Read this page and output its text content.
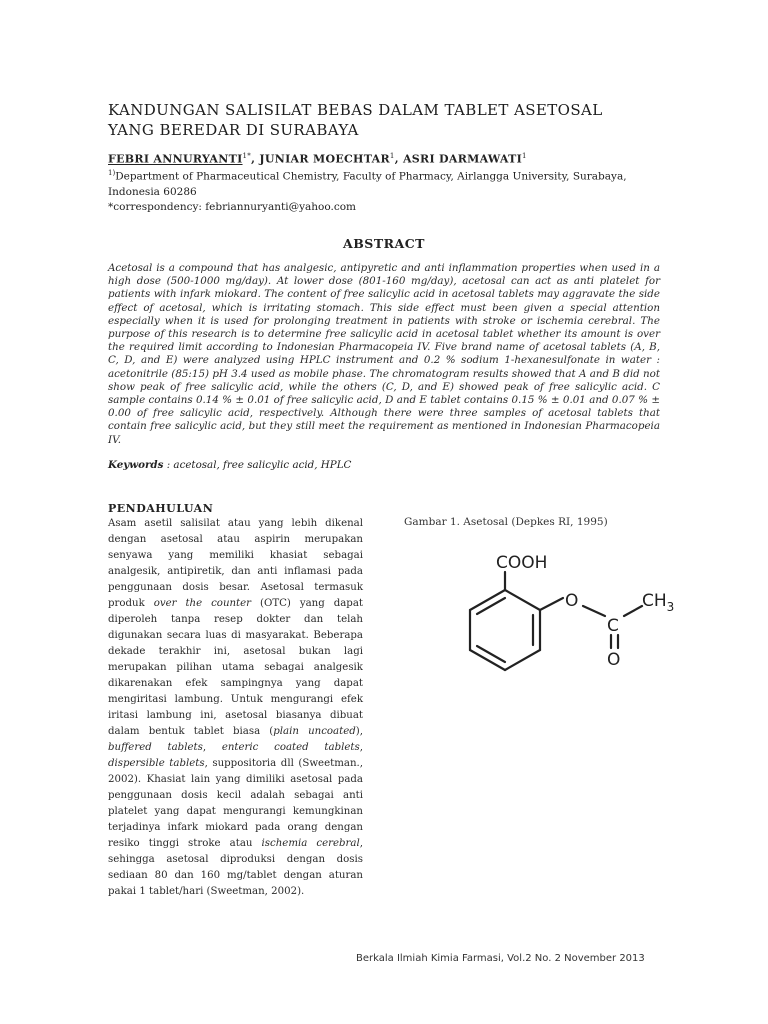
KANDUNGAN SALISILAT BEBAS DALAM TABLET ASETOSAL
YANG BEREDAR DI SURABAYA
FEBRI $ANNURYANTI^{1*}$, JUNIAR MOECHTAR$^1$, ASRI DARMAWATI$^1$
$^{1)}$Department of Pharmaceutical Chemistry, Faculty of Pharmacy, Airlangga University, Surabaya, Indonesia 60286
*correspondency: febriannuryanti@yahoo.com
ABSTRACT
Acetosal is a compound that has analgesic, antipyretic and anti inflammation properties when used in a high dose (500-1000 mg/day). At lower dose (801-160 mg/day), acetosal can act as anti platelet for patients with infark miokard. The content of free salicylic acid in acetosal tablets may aggravate the side effect of acetosal, which is irritating stomach. This side effect must been given a special attention especially when it is used for prolonging treatment in patients with stroke or ischemia cerebral. The purpose of this research is to determine free salicylic acid in acetosal tablet whether its amount is over the required limit according to Indonesian Pharmacopeia IV. Five brand name of acetosal tablets (A, B, C, D, and E) were analyzed using HPLC instrument and 0.2 % sodium 1-hexanesulfonate in water : acetonitrile (85:15) pH 3.4 used as mobile phase. The chromatogram results showed that A and B did not show peak of free salicylic acid, while the others (C, D, and E) showed peak of free salicylic acid. C sample contains 0.14 % ± 0.01 of free salicylic acid, D and E tablet contains 0.15 % ± 0.01 and 0.07 % ± 0.00 of free salicylic acid, respectively. Although there were three samples of acetosal tablets that contain free salicylic acid, but they still meet the requirement as mentioned in Indonesian Pharmacopeia IV.
Keywords : acetosal, free salicylic acid, HPLC
PENDAHULUAN
Asam asetil salisilat atau yang lebih dikenal dengan asetosal atau aspirin merupakan senyawa yang memiliki khasiat sebagai analgesik, antipiretik, dan anti inflamasi pada penggunaan dosis besar. Asetosal termasuk produk over the counter (OTC) yang dapat diperoleh tanpa resep dokter dan telah digunakan secara luas di masyarakat. Beberapa dekade terakhir ini, asetosal bukan lagi merupakan pilihan utama sebagai analgesik dikarenakan efek sampingnya yang dapat mengiritasi lambung. Untuk mengurangi efek iritasi lambung ini, asetosal biasanya dibuat dalam bentuk tablet biasa (plain uncoated), buffered tablets, enteric coated tablets, dispersible tablets, suppositoria dll (Sweetman., 2002). Khasiat lain yang dimiliki asetosal pada penggunaan dosis kecil adalah sebagai anti platelet yang dapat mengurangi kemungkinan terjadinya infark miokard pada orang dengan resiko tinggi stroke atau ischemia cerebral, sehingga asetosal diproduksi dengan dosis sediaan 80 dan 160 mg/tablet dengan aturan pakai 1 tablet/hari (Sweetman, 2002).
Gambar 1. Asetosal (Depkes RI, 1995)
COOH
O
C
$CH_3$
O
Berkala Ilmiah Kimia Farmasi, Vol.2 No. 2 November 2013
